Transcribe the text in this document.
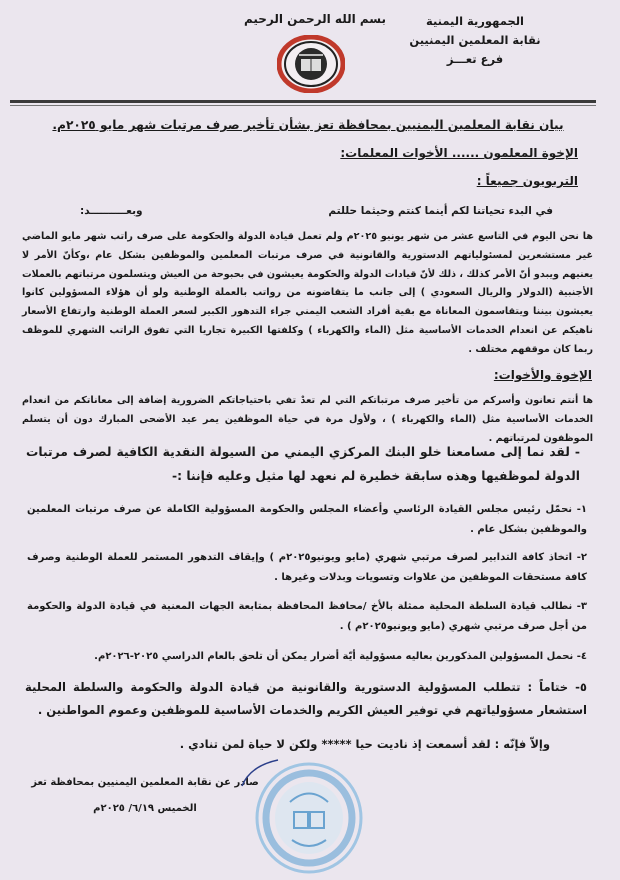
الجمهورية اليمنية
نقابة المعلمين اليمنيين
فرع تعـــز
بسم الله الرحمن الرحيم
بيان نقابة المعلمين اليمنيين بمحافظة تعز بشأن تأخير صرف مرتبات شهر مايو ٢٠٢٥م.
الإخوة المعلمون ...... الأخوات المعلمات:
التربويون جميعاً :
في البدء تحياتنا لكم أينما كنتم وحيثما حللتم
وبعــــــــــد:
ها نحن اليوم في التاسع عشر من شهر يونيو ٢٠٢٥م ولم تعمل قيادة الدولة والحكومة على صرف راتب شهر مايو الماضي غير مستشعرين لمسئولياتهم الدستورية والقانونية في صرف مرتبات المعلمين والموظفين بشكل عام ،وكأنّ الأمر لا يعنيهم ويبدو أنّ الأمر كذلك ، ذلك لأنّ قيادات الدولة والحكومة يعيشون في بحبوحة من العيش ويتسلمون مرتباتهم بالعملات الأجنبية (الدولار والريال السعودي ) إلى جانب ما يتقاضونه من رواتب بالعملة الوطنية ولو أن هؤلاء المسؤولين كانوا يعيشون بيننا ويتقاسمون المعاناة مع بقية أفراد الشعب اليمني جراء التدهور الكبير لسعر العملة الوطنية وارتفاع الأسعار ناهيكم عن انعدام الخدمات الأساسية مثل (الماء والكهرباء ) وكلفتها الكبيرة تجاريا التي تفوق الراتب الشهري للموظف ربما كان موقفهم مختلف .
الإخوة والأخوات:
ها أنتم تعانون وأسركم من تأخير صرف مرتباتكم التي لم تعدْ تفي باحتياجاتكم الضرورية إضافة إلى معاناتكم من انعدام الخدمات الأساسية مثل (الماء والكهرباء ) ، ولأول مرة في حياة الموظفين يمر عيد الأضحى المبارك دون أن يتسلم الموظفون لمرتباتهم .
- لقد نما إلى مسامعنا خلو البنك المركزي اليمني من السيولة النقدية الكافية لصرف مرتبات الدولة لموظفيها وهذه سابقة خطيرة لم نعهد لها مثيل وعليه فإننا :-
١- نحمّل رئيس مجلس القيادة الرئاسي وأعضاء المجلس والحكومة المسؤولية الكاملة عن صرف مرتبات المعلمين والموظفين بشكل عام .
٢- اتخاذ كافة التدابير لصرف مرتبي شهري (مايو ويونيو٢٠٢٥م ) وإيقاف التدهور المستمر للعملة الوطنية وصرف كافة مستحقات الموظفين من علاوات وتسويات وبدلات وغيرها .
٣- نطالب قيادة السلطة المحلية ممثلة بالأخ /محافظ المحافظة بمتابعة الجهات المعنية في قيادة الدولة والحكومة من أجل صرف مرتبي شهري (مايو ويونيو٢٠٢٥م ) .
٤- نحمل المسؤولين المذكورين بعاليه مسؤولية أيّة أضرار يمكن أن تلحق بالعام الدراسي ٢٠٢٥-٢٠٢٦م.
٥- ختاماً : تتطلب المسؤولية الدستورية والقانونية من قيادة الدولة والحكومة والسلطة المحلية استشعار مسؤولياتهم في توفير العيش الكريم والخدمات الأساسية للموظفين وعموم المواطنين .
وإلاّ فإنّه : لقد أسمعت إذ ناديت حيا ***** ولكن لا حياة لمن تنادي .
صادر عن نقابة المعلمين اليمنيين بمحافظة تعز
الخميس ٦/١٩/ ٢٠٢٥م
